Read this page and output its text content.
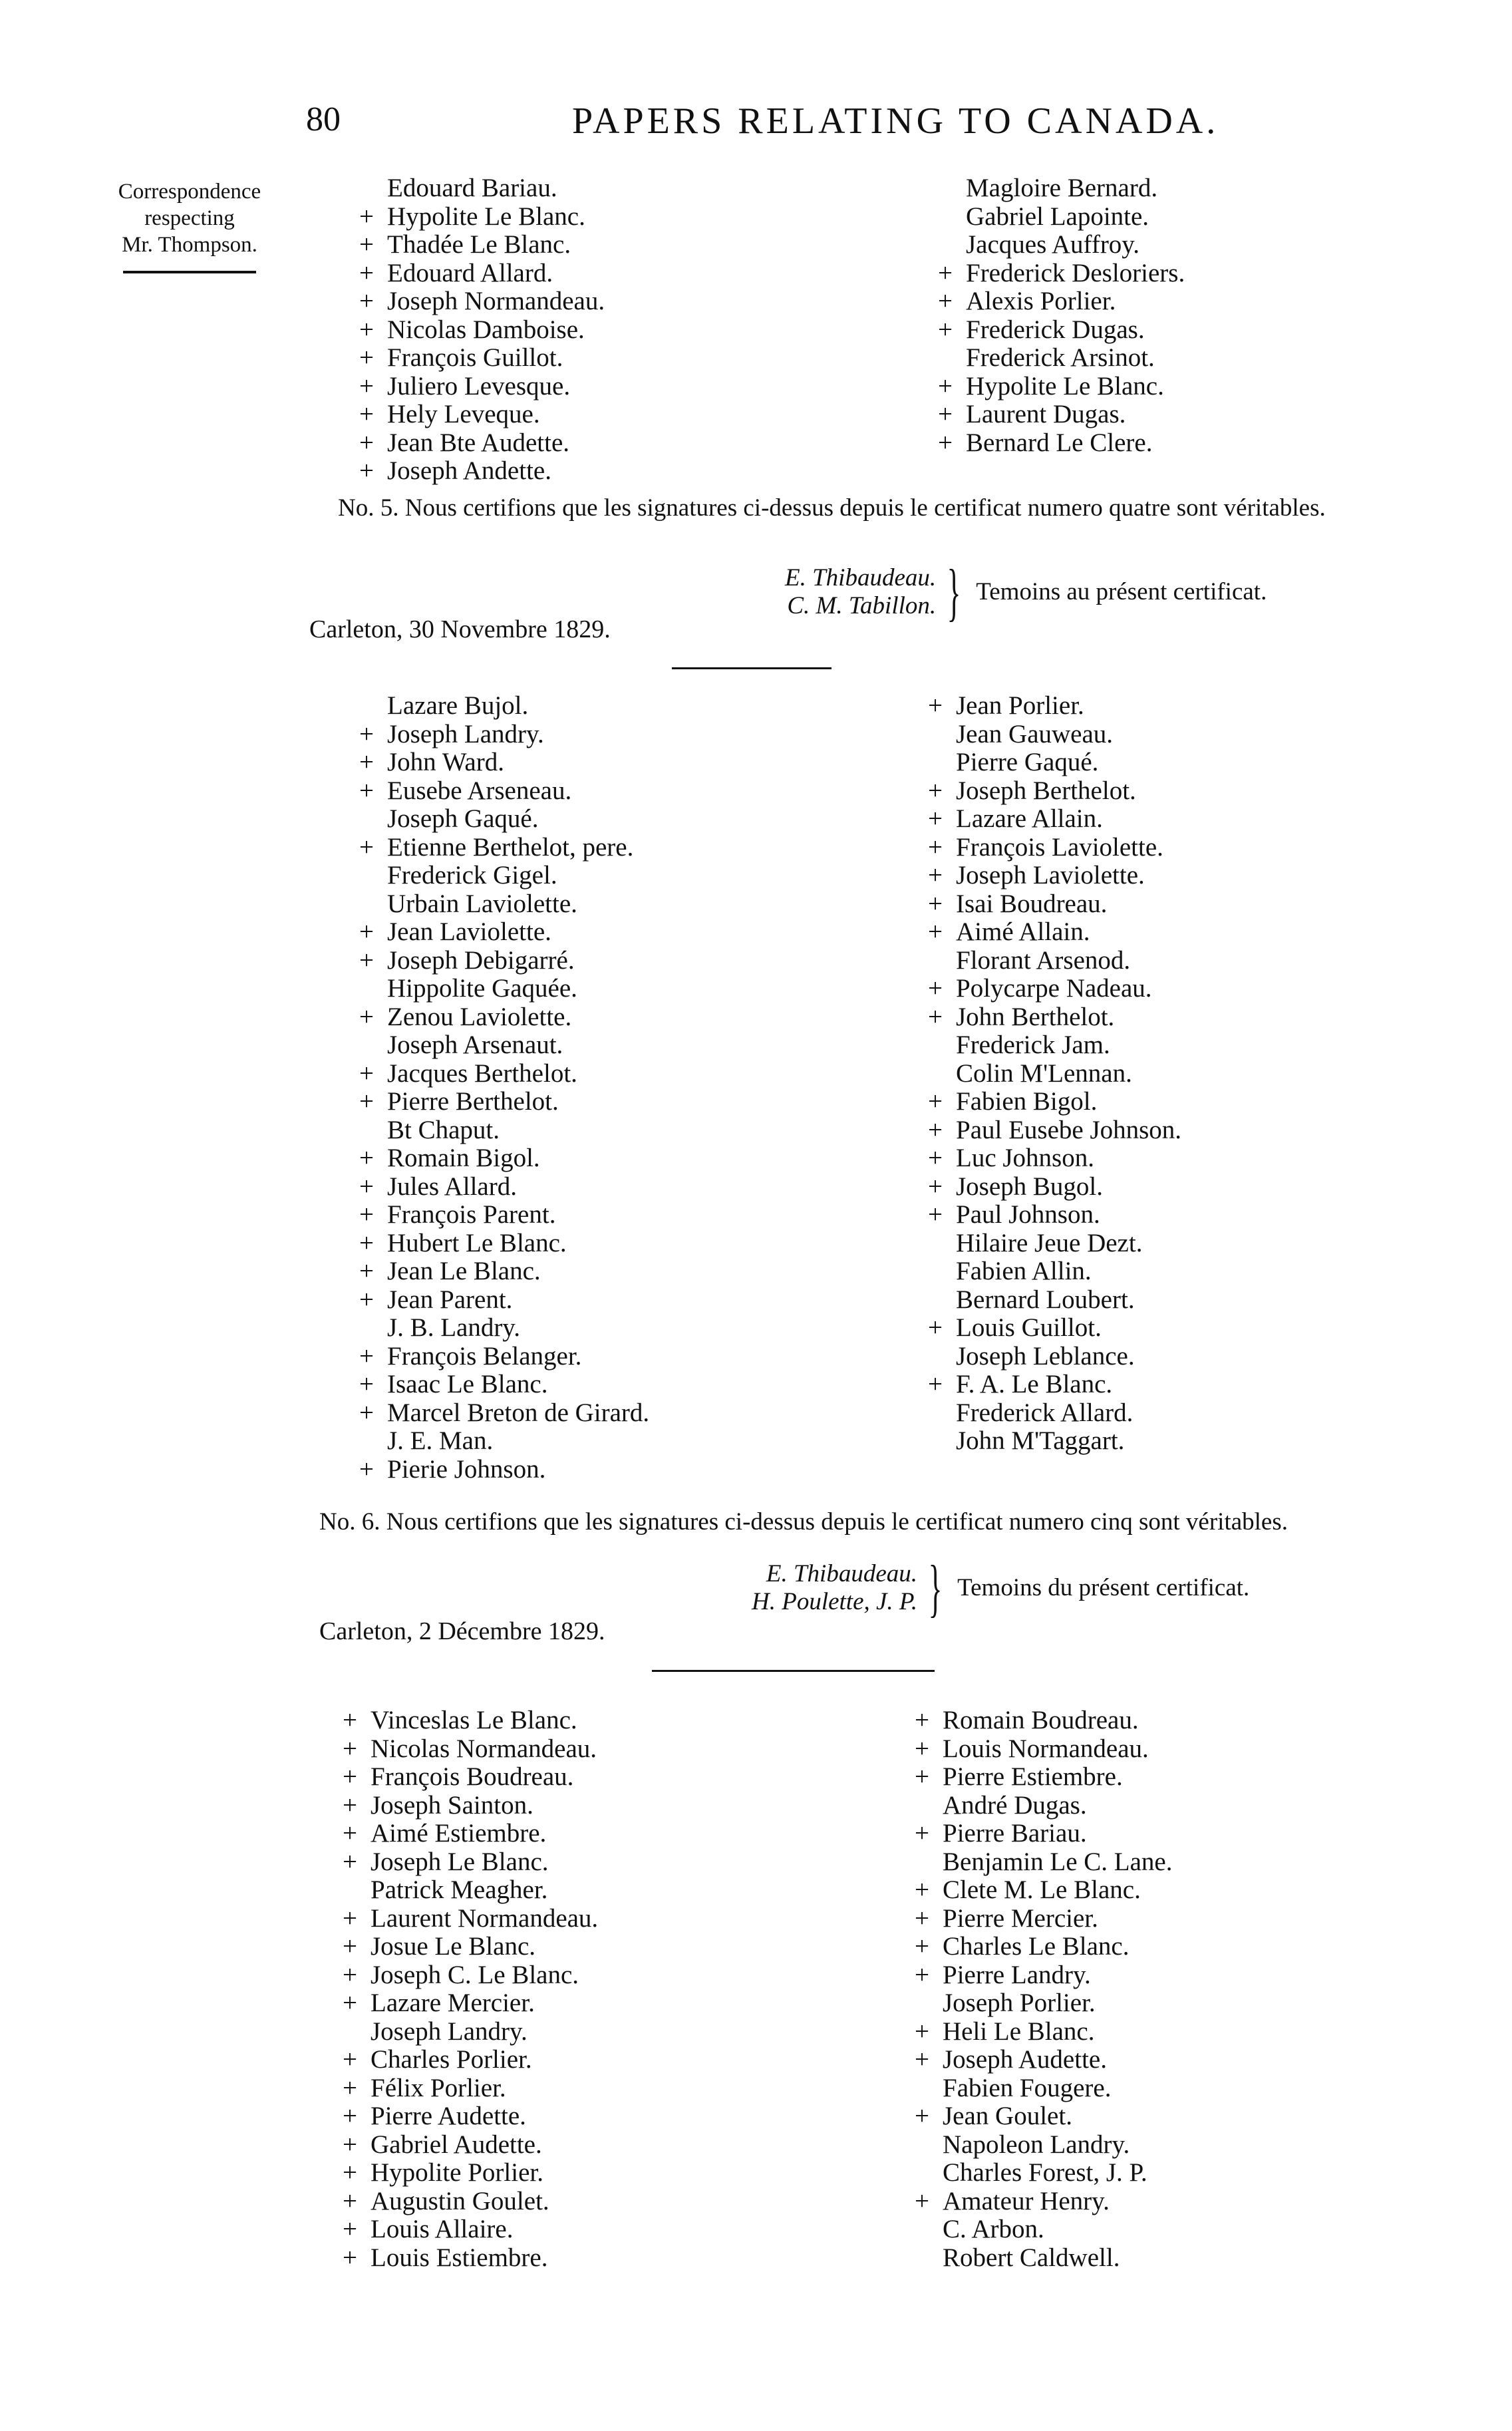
80	PAPERS RELATING TO CANADA.
Correspondence
respecting
Mr. Thompson.
Edouard Bariau.
+ Hypolite Le Blanc.
+ Thadée Le Blanc.
+ Edouard Allard.
+ Joseph Normandeau.
+ Nicolas Damboise.
+ François Guillot.
+ Juliero Levesque.
+ Hely Leveque.
+ Jean Bte Audette.
+ Joseph Andette.
Magloire Bernard.
Gabriel Lapointe.
Jacques Auffroy.
+ Frederick Desloriers.
+ Alexis Porlier.
+ Frederick Dugas.
Frederick Arsinot.
+ Hypolite Le Blanc.
+ Laurent Dugas.
+ Bernard Le Clere.
No. 5. Nous certifions que les signatures ci-dessus depuis le certificat numero quatre sont véritables.
E. Thibaudeau.
C. M. Tabillon. } Temoins au présent certificat.
Carleton, 30 Novembre 1829.
Lazare Bujol.
+ Joseph Landry.
+ John Ward.
+ Eusebe Arseneau.
Joseph Gaqué.
+ Etienne Berthelot, pere.
Frederick Gigel.
Urbain Laviolette.
+ Jean Laviolette.
+ Joseph Debigarré.
Hippolite Gaquée.
+ Zenou Laviolette.
Joseph Arsenaut.
+ Jacques Berthelot.
+ Pierre Berthelot.
Bt Chaput.
+ Romain Bigol.
+ Jules Allard.
+ François Parent.
+ Hubert Le Blanc.
+ Jean Le Blanc.
+ Jean Parent.
J. B. Landry.
+ François Belanger.
+ Isaac Le Blanc.
+ Marcel Breton de Girard.
J. E. Man.
+ Pierie Johnson.
+ Jean Porlier.
Jean Gauweau.
Pierre Gaqué.
+ Joseph Berthelot.
+ Lazare Allain.
+ François Laviolette.
+ Joseph Laviolette.
+ Isai Boudreau.
+ Aimé Allain.
Florant Arsenod.
+ Polycarpe Nadeau.
+ John Berthelot.
Frederick Jam.
Colin M'Lennan.
+ Fabien Bigol.
+ Paul Eusebe Johnson.
+ Luc Johnson.
+ Joseph Bugol.
+ Paul Johnson.
Hilaire Jeue Dezt.
Fabien Allin.
Bernard Loubert.
+ Louis Guillot.
Joseph Leblance.
+ F. A. Le Blanc.
Frederick Allard.
John M'Taggart.
No. 6. Nous certifions que les signatures ci-dessus depuis le certificat numero cinq sont véritables.
E. Thibaudeau.
H. Poulette, J. P. } Temoins du présent certificat.
Carleton, 2 Décembre 1829.
+ Vinceslas Le Blanc.
+ Nicolas Normandeau.
+ François Boudreau.
+ Joseph Sainton.
+ Aimé Estiembre.
+ Joseph Le Blanc.
Patrick Meagher.
+ Laurent Normandeau.
+ Josue Le Blanc.
+ Joseph C. Le Blanc.
+ Lazare Mercier.
Joseph Landry.
+ Charles Porlier.
+ Félix Porlier.
+ Pierre Audette.
+ Gabriel Audette.
+ Hypolite Porlier.
+ Augustin Goulet.
+ Louis Allaire.
+ Louis Estiembre.
+ Romain Boudreau.
+ Louis Normandeau.
+ Pierre Estiembre.
André Dugas.
+ Pierre Bariau.
Benjamin Le C. Lane.
+ Clete M. Le Blanc.
+ Pierre Mercier.
+ Charles Le Blanc.
+ Pierre Landry.
Joseph Porlier.
+ Heli Le Blanc.
+ Joseph Audette.
Fabien Fougere.
+ Jean Goulet.
Napoleon Landry.
Charles Forest, J. P.
+ Amateur Henry.
C. Arbon.
Robert Caldwell.
